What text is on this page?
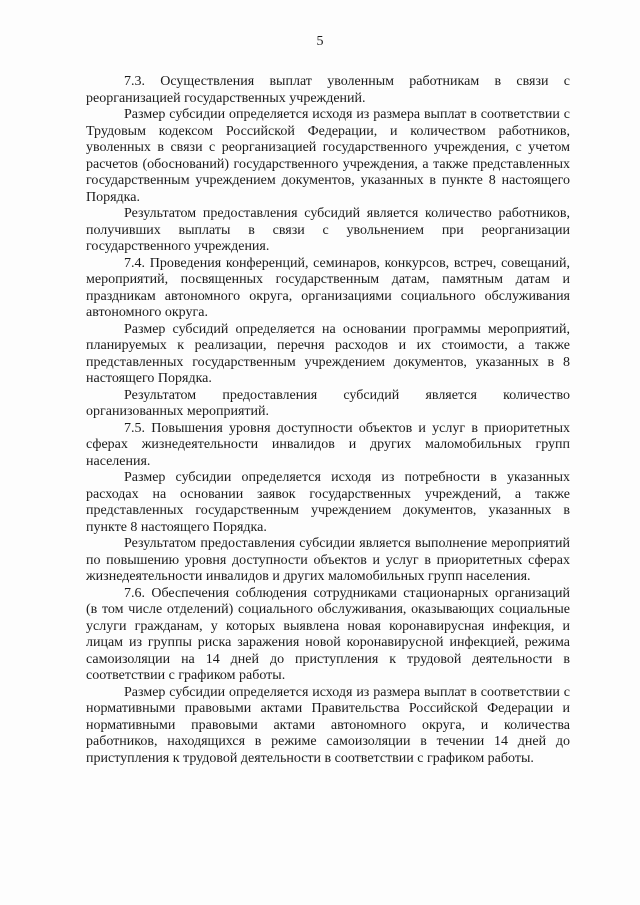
5

7.3. Осуществления выплат уволенным работникам в связи с реорганизацией государственных учреждений.

Размер субсидии определяется исходя из размера выплат в соответствии с Трудовым кодексом Российской Федерации, и количеством работников, уволенных в связи с реорганизацией государственного учреждения, с учетом расчетов (обоснований) государственного учреждения, а также представленных государственным учреждением документов, указанных в пункте 8 настоящего Порядка.

Результатом предоставления субсидий является количество работников, получивших выплаты в связи с увольнением при реорганизации государственного учреждения.

7.4. Проведения конференций, семинаров, конкурсов, встреч, совещаний, мероприятий, посвященных государственным датам, памятным датам и праздникам автономного округа, организациями социального обслуживания автономного округа.

Размер субсидий определяется на основании программы мероприятий, планируемых к реализации, перечня расходов и их стоимости, а также представленных государственным учреждением документов, указанных в 8 настоящего Порядка.

Результатом предоставления субсидий является количество организованных мероприятий.

7.5. Повышения уровня доступности объектов и услуг в приоритетных сферах жизнедеятельности инвалидов и других маломобильных групп населения.

Размер субсидии определяется исходя из потребности в указанных расходах на основании заявок государственных учреждений, а также представленных государственным учреждением документов, указанных в пункте 8 настоящего Порядка.

Результатом предоставления субсидии является выполнение мероприятий по повышению уровня доступности объектов и услуг в приоритетных сферах жизнедеятельности инвалидов и других маломобильных групп населения.

7.6. Обеспечения соблюдения сотрудниками стационарных организаций (в том числе отделений) социального обслуживания, оказывающих социальные услуги гражданам, у которых выявлена новая коронавирусная инфекция, и лицам из группы риска заражения новой коронавирусной инфекцией, режима самоизоляции на 14 дней до приступления к трудовой деятельности в соответствии с графиком работы.

Размер субсидии определяется исходя из размера выплат в соответствии с нормативными правовыми актами Правительства Российской Федерации и нормативными правовыми актами автономного округа, и количества работников, находящихся в режиме самоизоляции в течении 14 дней до приступления к трудовой деятельности в соответствии с графиком работы.
